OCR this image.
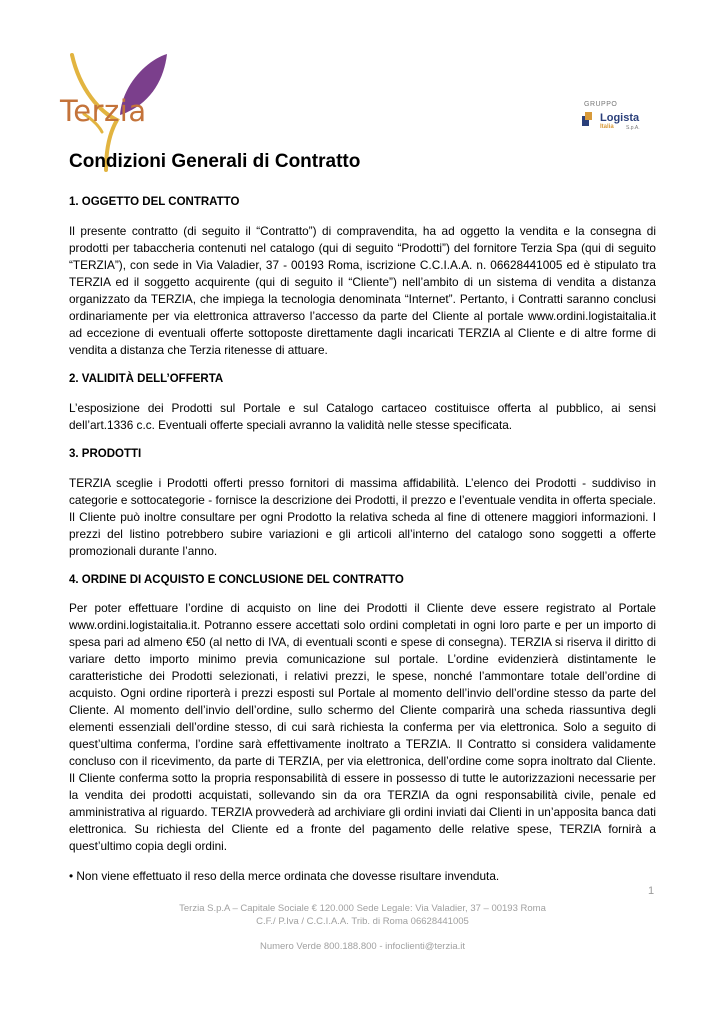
Terzia	GRUPPO
Logista
Italia S.p.A.
Condizioni Generali di Contratto
1. OGGETTO DEL CONTRATTO

Il presente contratto (di seguito il “Contratto”) di compravendita, ha ad oggetto la vendita e la consegna di prodotti per tabaccheria contenuti nel catalogo (qui di seguito “Prodotti”) del fornitore Terzia Spa (qui di seguito “TERZIA”), con sede in Via Valadier, 37 - 00193 Roma, iscrizione C.C.I.A.A. n. 06628441005 ed è stipulato tra TERZIA ed il soggetto acquirente (qui di seguito il “Cliente”) nell’ambito di un sistema di vendita a distanza organizzato da TERZIA, che impiega la tecnologia denominata “Internet”. Pertanto, i Contratti saranno conclusi ordinariamente per via elettronica attraverso l’accesso da parte del Cliente al portale www.ordini.logistaitalia.it ad eccezione di eventuali offerte sottoposte direttamente dagli incaricati TERZIA al Cliente e di altre forme di vendita a distanza che Terzia ritenesse di attuare.

2. VALIDITÀ DELL’OFFERTA

L’esposizione dei Prodotti sul Portale e sul Catalogo cartaceo costituisce offerta al pubblico, ai sensi dell’art.1336 c.c. Eventuali offerte speciali avranno la validità nelle stesse specificata.

3. PRODOTTI

TERZIA sceglie i Prodotti offerti presso fornitori di massima affidabilità. L’elenco dei Prodotti - suddiviso in categorie e sottocategorie - fornisce la descrizione dei Prodotti, il prezzo e l’eventuale vendita in offerta speciale. Il Cliente può inoltre consultare per ogni Prodotto la relativa scheda al fine di ottenere maggiori informazioni. I prezzi del listino potrebbero subire variazioni e gli articoli all’interno del catalogo sono soggetti a offerte promozionali durante l’anno.

4. ORDINE DI ACQUISTO E CONCLUSIONE DEL CONTRATTO

Per poter effettuare l’ordine di acquisto on line dei Prodotti il Cliente deve essere registrato al Portale www.ordini.logistaitalia.it. Potranno essere accettati solo ordini completati in ogni loro parte e per un importo di spesa pari ad almeno €50 (al netto di IVA, di eventuali sconti e spese di consegna). TERZIA si riserva il diritto di variare detto importo minimo previa comunicazione sul portale. L’ordine evidenzierà distintamente le caratteristiche dei Prodotti selezionati, i relativi prezzi, le spese, nonché l’ammontare totale dell’ordine di acquisto. Ogni ordine riporterà i prezzi esposti sul Portale al momento dell’invio dell’ordine stesso da parte del Cliente. Al momento dell’invio dell’ordine, sullo schermo del Cliente comparirà una scheda riassuntiva degli elementi essenziali dell’ordine stesso, di cui sarà richiesta la conferma per via elettronica. Solo a seguito di quest’ultima conferma, l’ordine sarà effettivamente inoltrato a TERZIA. Il Contratto si considera validamente concluso con il ricevimento, da parte di TERZIA, per via elettronica, dell’ordine come sopra inoltrato dal Cliente. Il Cliente conferma sotto la propria responsabilità di essere in possesso di tutte le autorizzazioni necessarie per la vendita dei prodotti acquistati, sollevando sin da ora TERZIA da ogni responsabilità civile, penale ed amministrativa al riguardo. TERZIA provvederà ad archiviare gli ordini inviati dai Clienti in un’apposita banca dati elettronica. Su richiesta del Cliente ed a fronte del pagamento delle relative spese, TERZIA fornirà a quest’ultimo copia degli ordini.

• Non viene effettuato il reso della merce ordinata che dovesse risultare invenduta.

1
Terzia S.p.A – Capitale Sociale € 120.000 Sede Legale: Via Valadier, 37 – 00193 Roma
C.F./ P.Iva / C.C.I.A.A. Trib. di Roma 06628441005
Numero Verde 800.188.800 - infoclienti@terzia.it
